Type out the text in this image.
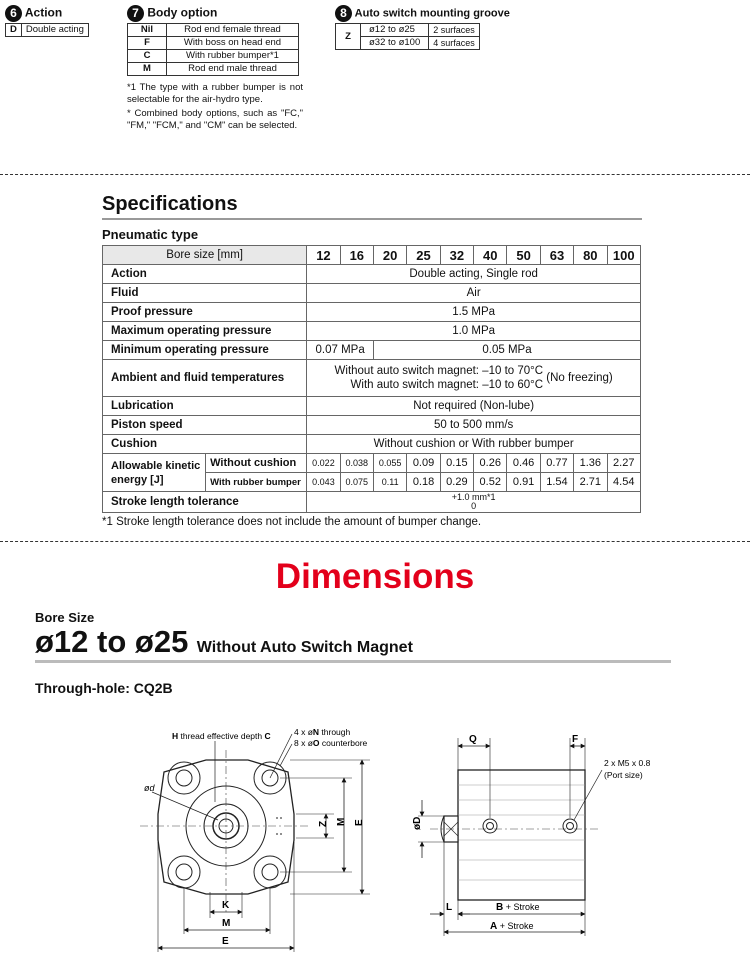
6 Action
D	Double acting
7 Body option
Nil	Rod end female thread
F	With boss on head end
C	With rubber bumper*1
M	Rod end male thread
*1 The type with a rubber bumper is not selectable for the air-hydro type.
* Combined body options, such as "FC," "FM," "FCM," and "CM" can be selected.
8 Auto switch mounting groove
Z	ø12 to ø25	2 surfaces
	ø32 to ø100	4 surfaces
Specifications
Pneumatic type
Bore size [mm]		12	16	20	25	32	40	50	63	80	100
Action		Double acting, Single rod									
Fluid		Air									
Proof pressure		1.5 MPa									
Maximum operating pressure		1.0 MPa									
Minimum operating pressure		0.07 MPa		0.05 MPa							
Ambient and fluid temperatures		Without auto switch magnet: –10 to 70°C
With auto switch magnet: –10 to 60°C
(No freezing)									
Lubrication		Not required (Non-lube)									
Piston speed		50 to 500 mm/s									
Cushion		Without cushion or With rubber bumper									

Allowable kinetic
energy [J]	Without cushion	0.022	0.038	0.055	0.09	0.15	0.26	0.46	0.77	1.36	2.27
	With rubber bumper	0.043	0.075	0.11	0.18	0.29	0.52	0.91	1.54	2.71	4.54
Stroke length tolerance		+1.0 mm*1
0									
*1 Stroke length tolerance does not include the amount of bumper change.
Dimensions
Bore Size
ø12 to ø25 Without Auto Switch Magnet
Through-hole: CQ2B
ød
H thread effective depth C	4 x øN through
8 x øO counterbore
Z M E
K
M
E
Q	F
2 x M5 x 0.8
(Port size)
øD
L	B + Stroke
A + Stroke
